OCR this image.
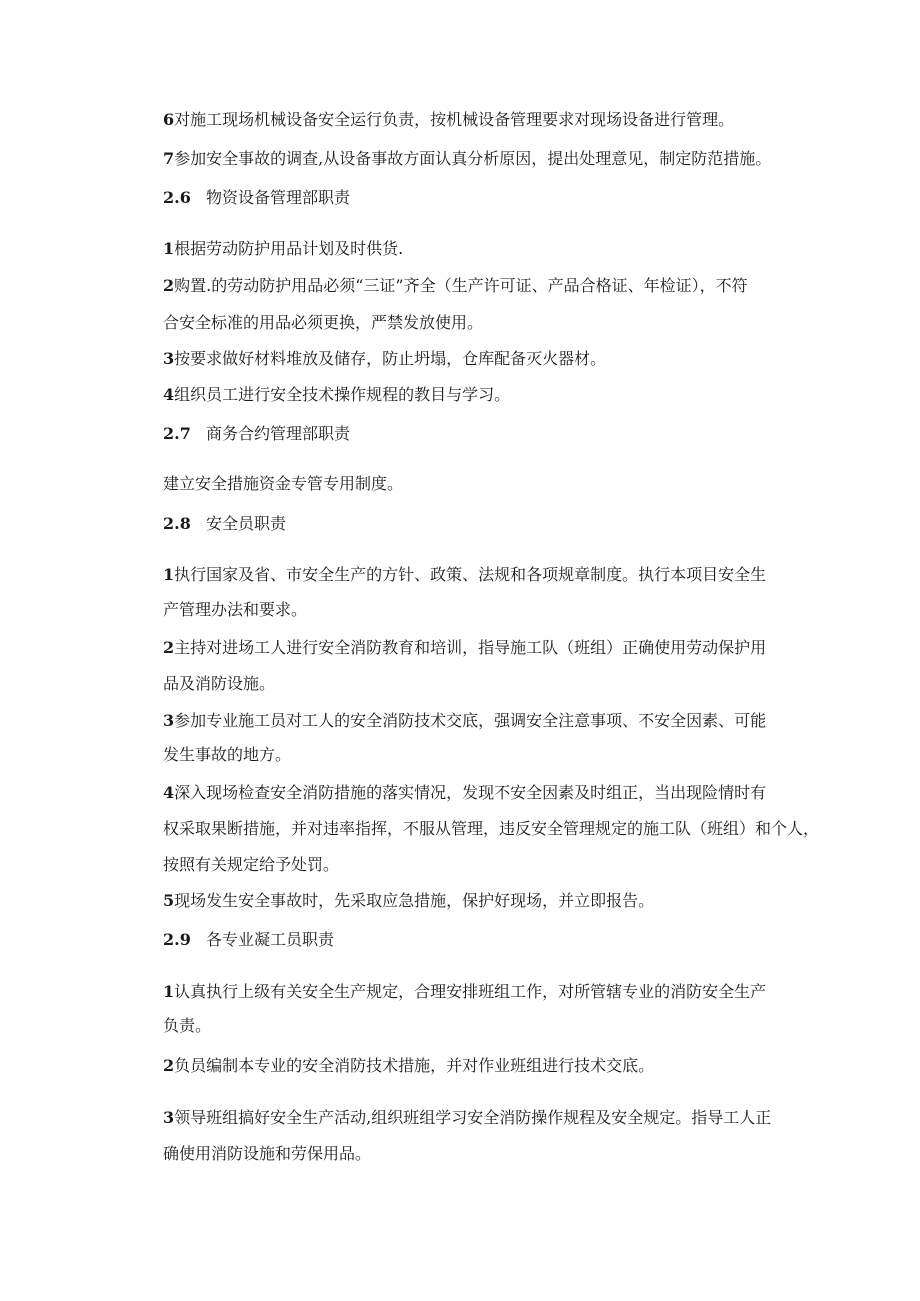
6对施工现场机械设备安全运行负责，按机械设备管理要求对现场设备进行管理。
7参加安全事故的调查,从设备事故方面认真分析原因，提出处理意见，制定防范措施。
2.6 物资设备管理部职责
1根据劳动防护用品计划及时供货.
2购置.的劳动防护用品必须“三证”齐全（生产许可证、产品合格证、年检证），不符
合安全标准的用品必须更换，严禁发放使用。
3按要求做好材料堆放及储存，防止坍塌，仓库配备灭火器材。
4组织员工进行安全技术操作规程的教目与学习。
2.7 商务合约管理部职责
建立安全措施资金专管专用制度。
2.8 安全员职责
1执行国家及省、市安全生产的方针、政策、法规和各项规章制度。执行本项目安全生
产管理办法和要求。
2主持对进场工人进行安全消防教育和培训，指导施工队（班组）正确使用劳动保护用
品及消防设施。
3参加专业施工员对工人的安全消防技术交底，强调安全注意事项、不安全因素、可能
发生事故的地方。
4深入现场检查安全消防措施的落实情况，发现不安全因素及时组正，当出现险情时有
权采取果断措施，并对违率指挥，不服从管理，违反安全管理规定的施工队（班组）和个人，
按照有关规定给予处罚。
5现场发生安全事故时，先采取应急措施，保护好现场，并立即报告。
2.9 各专业凝工员职责
1认真执行上级有关安全生产规定，合理安排班组工作，对所管辖专业的消防安全生产
负责。
2负员编制本专业的安全消防技术措施，并对作业班组进行技术交底。
3领导班组搞好安全生产活动,组织班组学习安全消防操作规程及安全规定。指导工人正
确使用消防设施和劳保用品。
